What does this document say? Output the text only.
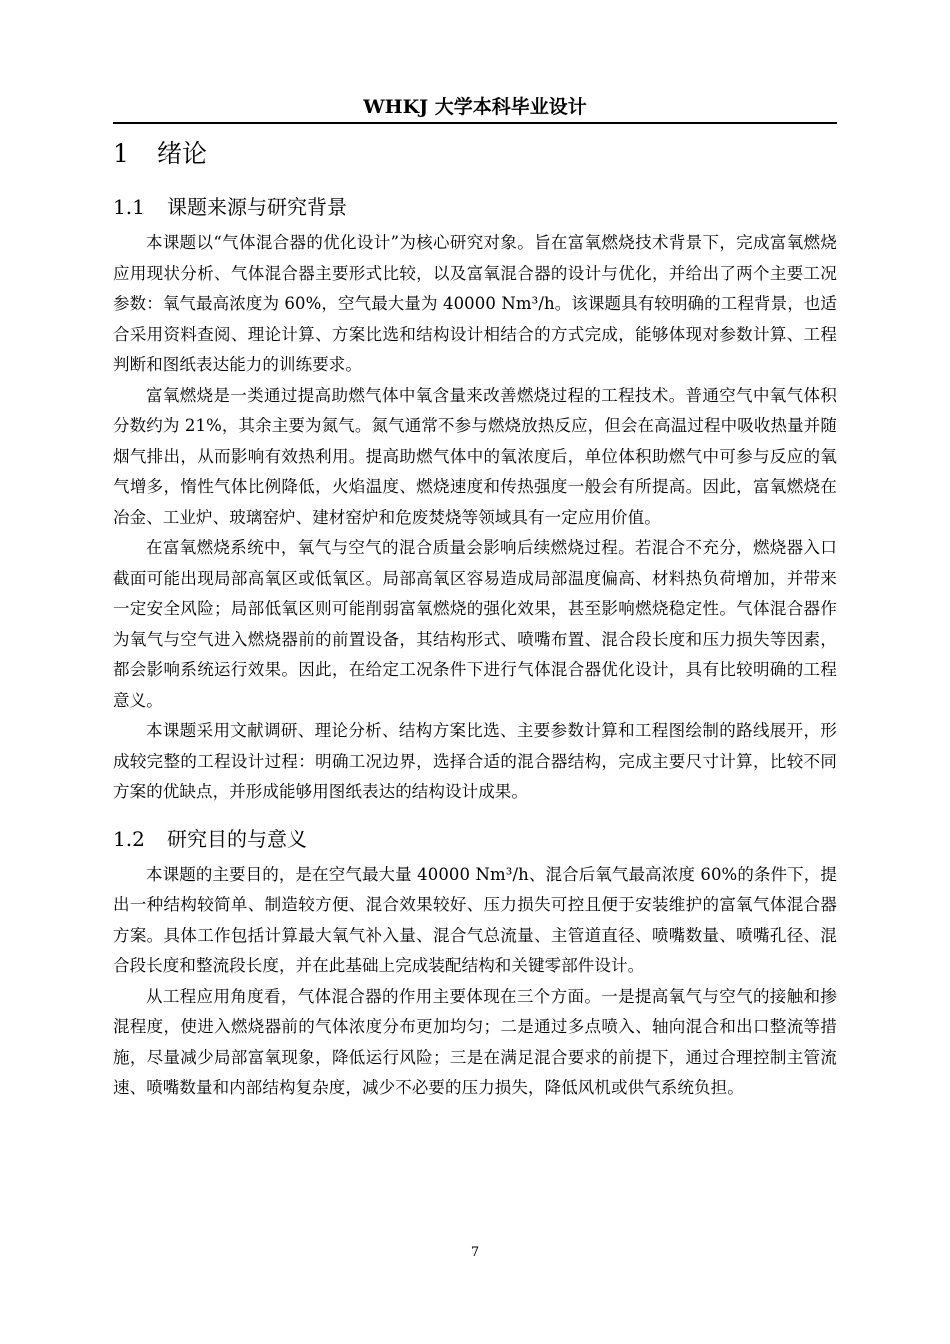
WHKJ 大学本科毕业设计
1 绪论
1.1 课题来源与研究背景

本课题以“气体混合器的优化设计”为核心研究对象。旨在富氧燃烧技术背景下，完成富氧燃烧应用现状分析、气体混合器主要形式比较，以及富氧混合器的设计与优化，并给出了两个主要工况参数：氧气最高浓度为 60%，空气最大量为 40000 Nm³/h。该课题具有较明确的工程背景，也适合采用资料查阅、理论计算、方案比选和结构设计相结合的方式完成，能够体现对参数计算、工程判断和图纸表达能力的训练要求。

富氧燃烧是一类通过提高助燃气体中氧含量来改善燃烧过程的工程技术。普通空气中氧气体积分数约为 21%，其余主要为氮气。氮气通常不参与燃烧放热反应，但会在高温过程中吸收热量并随烟气排出，从而影响有效热利用。提高助燃气体中的氧浓度后，单位体积助燃气中可参与反应的氧气增多，惰性气体比例降低，火焰温度、燃烧速度和传热强度一般会有所提高。因此，富氧燃烧在冶金、工业炉、玻璃窑炉、建材窑炉和危废焚烧等领域具有一定应用价值。

在富氧燃烧系统中，氧气与空气的混合质量会影响后续燃烧过程。若混合不充分，燃烧器入口截面可能出现局部高氧区或低氧区。局部高氧区容易造成局部温度偏高、材料热负荷增加，并带来一定安全风险；局部低氧区则可能削弱富氧燃烧的强化效果，甚至影响燃烧稳定性。气体混合器作为氧气与空气进入燃烧器前的前置设备，其结构形式、喷嘴布置、混合段长度和压力损失等因素，都会影响系统运行效果。因此，在给定工况条件下进行气体混合器优化设计，具有比较明确的工程意义。

本课题采用文献调研、理论分析、结构方案比选、主要参数计算和工程图绘制的路线展开，形成较完整的工程设计过程：明确工况边界，选择合适的混合器结构，完成主要尺寸计算，比较不同方案的优缺点，并形成能够用图纸表达的结构设计成果。

1.2 研究目的与意义

本课题的主要目的，是在空气最大量 40000 Nm³/h、混合后氧气最高浓度 60%的条件下，提出一种结构较简单、制造较方便、混合效果较好、压力损失可控且便于安装维护的富氧气体混合器方案。具体工作包括计算最大氧气补入量、混合气总流量、主管道直径、喷嘴数量、喷嘴孔径、混合段长度和整流段长度，并在此基础上完成装配结构和关键零部件设计。

从工程应用角度看，气体混合器的作用主要体现在三个方面。一是提高氧气与空气的接触和掺混程度，使进入燃烧器前的气体浓度分布更加均匀；二是通过多点喷入、轴向混合和出口整流等措施，尽量减少局部富氧现象，降低运行风险；三是在满足混合要求的前提下，通过合理控制主管流速、喷嘴数量和内部结构复杂度，减少不必要的压力损失，降低风机或供气系统负担。

7
